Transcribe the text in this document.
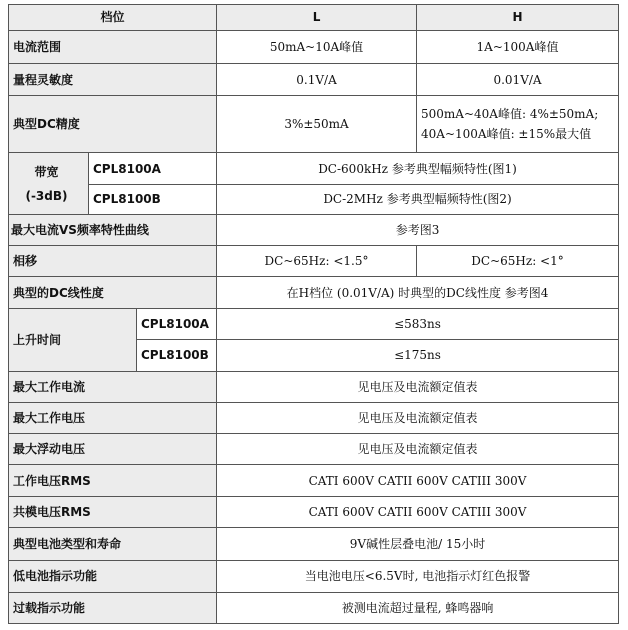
档位			L	H
电流范围			50mA~10A峰值	1A~100A峰值
量程灵敏度			0.1V/A	0.01V/A
典型DC精度			3%±50mA	500mA~40A峰值: 4%±50mA;
40A~100A峰值: ±15%最大值

带宽
(-3dB)	CPL8100A		DC-600kHz 参考典型幅频特性(图1)	
	CPL8100B		DC-2MHz 参考典型幅频特性(图2)	
最大电流VS频率特性曲线			参考图3	
相移			DC~65Hz: <1.5°	DC~65Hz: <1°
典型的DC线性度			在H档位 (0.01V/A) 时典型的DC线性度 参考图4	
上升时间		CPL8100A	≤583ns	
		CPL8100B	≤175ns	
最大工作电流			见电压及电流额定值表	
最大工作电压			见电压及电流额定值表	
最大浮动电压			见电压及电流额定值表	
工作电压RMS			CATI 600V CATII 600V CATIII 300V	
共模电压RMS			CATI 600V CATII 600V CATIII 300V	
典型电池类型和寿命			9V碱性层叠电池/ 15小时	
低电池指示功能			当电池电压<6.5V时, 电池指示灯红色报警	
过载指示功能			被测电流超过量程, 蜂鸣器响	
